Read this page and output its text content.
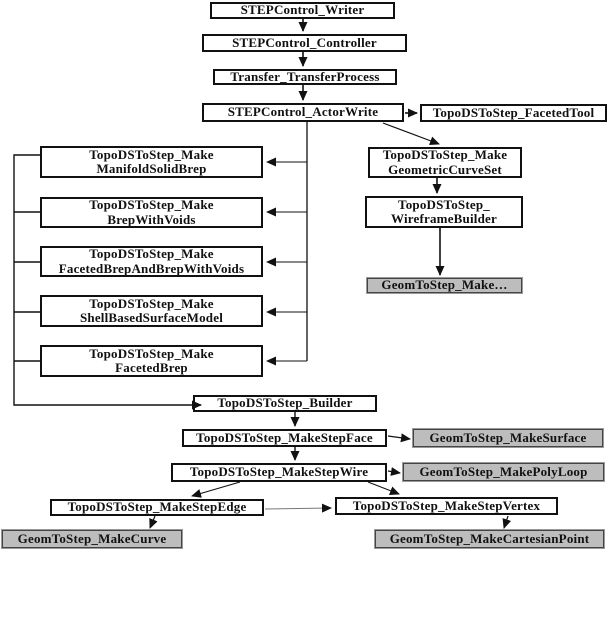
STEPControl_Writer
STEPControl_Controller
Transfer_TransferProcess
STEPControl_ActorWrite	TopoDSToStep_FacetedTool
TopoDSToStep_Make
GeometricCurveSet
TopoDSToStep_
WireframeBuilder
GeomToStep_Make…
TopoDSToStep_Make
ManifoldSolidBrep
TopoDSToStep_Make
BrepWithVoids
TopoDSToStep_Make
FacetedBrepAndBrepWithVoids
TopoDSToStep_Make
ShellBasedSurfaceModel
TopoDSToStep_Make
FacetedBrep
TopoDSToStep_Builder
TopoDSToStep_MakeStepFace	GeomToStep_MakeSurface
TopoDSToStep_MakeStepWire	GeomToStep_MakePolyLoop
TopoDSToStep_MakeStepEdge	TopoDSToStep_MakeStepVertex
GeomToStep_MakeCurve	GeomToStep_MakeCartesianPoint
